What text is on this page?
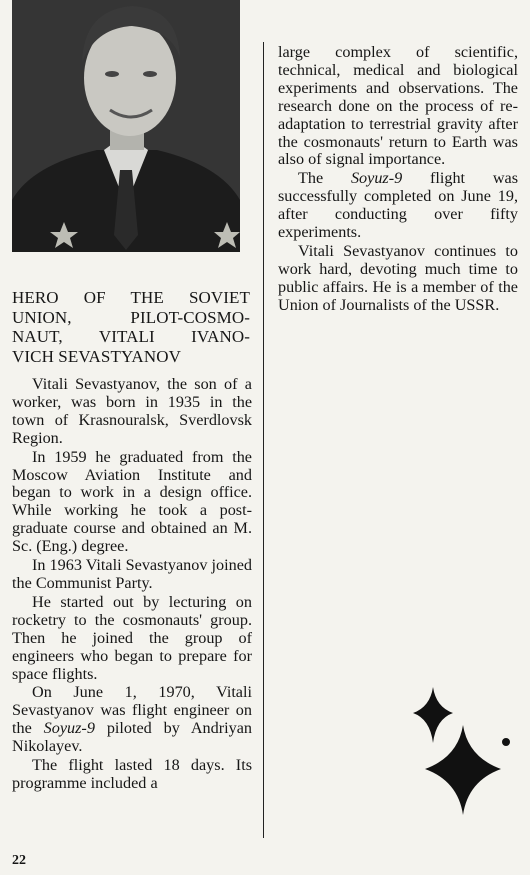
HERO OF THE SOVIET
UNION, PILOT-COSMO-
NAUT, VITALI IVANO-
VICH SEVASTYANOV

Vitali Sevastyanov, the son of a worker, was born in 1935 in the town of Krasnouralsk, Sverdlovsk Region.

In 1959 he graduated from the Moscow Aviation Institute and began to work in a design office. While working he took a post-graduate course and obtained an M. Sc. (Eng.) degree.

In 1963 Vitali Sevastyanov joined the Communist Party.

He started out by lecturing on rocketry to the cosmonauts' group. Then he joined the group of engineers who began to prepare for space flights.

On June 1, 1970, Vitali Sevastyanov was flight engineer on the Soyuz-9 piloted by Andriyan Nikolayev.

The flight lasted 18 days. Its programme included a

large complex of scientific, technical, medical and biological experiments and observations. The research done on the process of re-adaptation to terrestrial gravity after the cosmonauts' return to Earth was also of signal importance.

The Soyuz-9 flight was successfully completed on June 19, after conducting over fifty experiments.

Vitali Sevastyanov continues to work hard, devoting much time to public affairs. He is a member of the Union of Journalists of the USSR.

22
